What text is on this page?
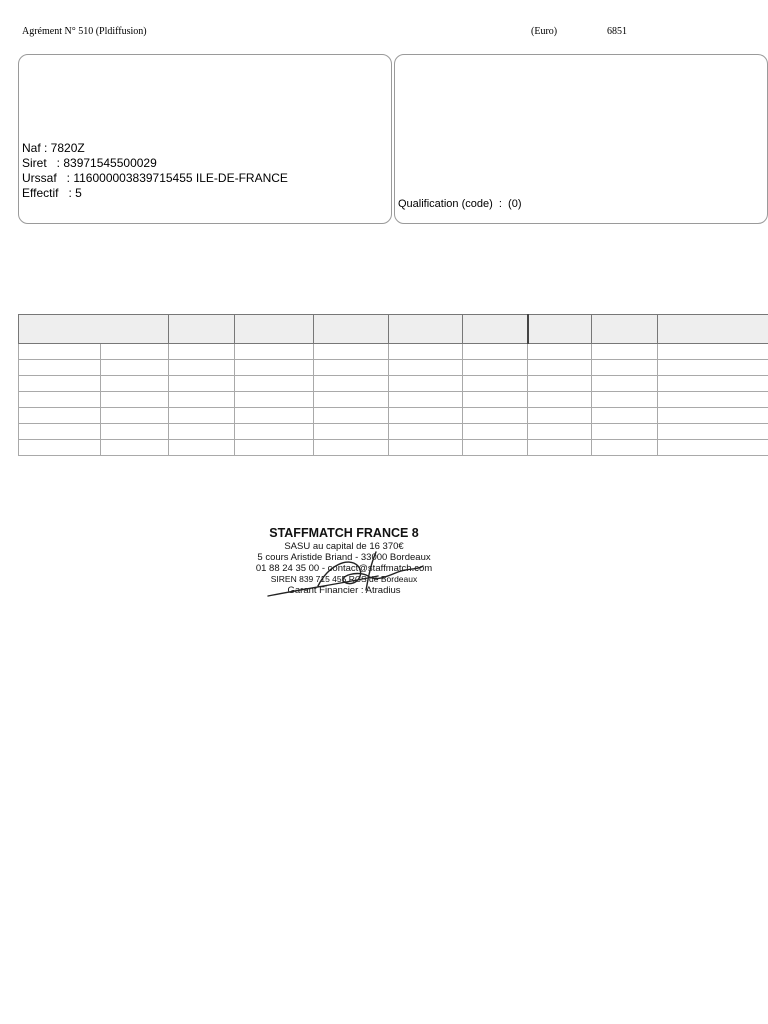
Agrément N° 510 (Pldiffusion)	(Euro)	6851
Naf : 7820Z
Siret   : 83971545500029
Urssaf   : 116000003839715455 ILE-DE-FRANCE
Effectif   : 5
Qualification (code)  :  (0)

STAFFMATCH FRANCE 8
SASU au capital de 16 370€
5 cours Aristide Briand - 33000 Bordeaux
01 88 24 35 00 - contact@staffmatch.com
SIREN 839 715 455 RCS de Bordeaux
Garant Financier : Atradius
